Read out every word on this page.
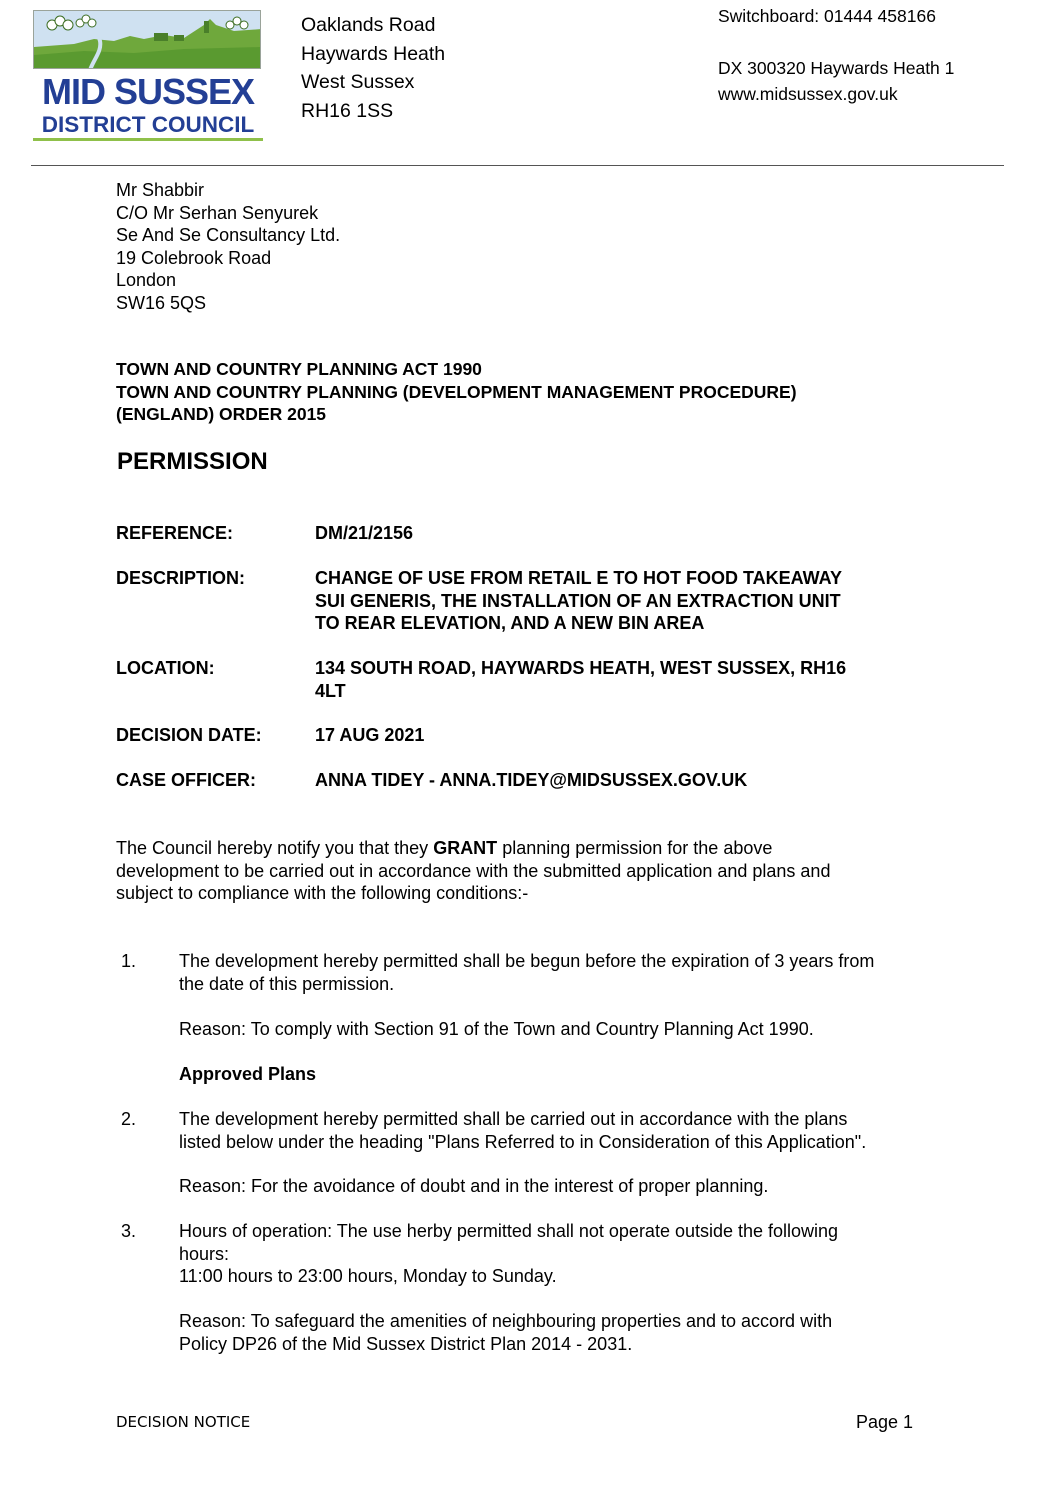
MID SUSSEX
DISTRICT COUNCIL

Oaklands Road

Haywards Heath

West Sussex

RH16 1SS

Switchboard: 01444 458166

DX 300320 Haywards Heath 1

www.midsussex.gov.uk

Mr Shabbir
C/O Mr Serhan Senyurek
Se And Se Consultancy Ltd.
19 Colebrook Road
London
SW16 5QS
TOWN AND COUNTRY PLANNING ACT 1990
TOWN AND COUNTRY PLANNING (DEVELOPMENT MANAGEMENT PROCEDURE)
(ENGLAND) ORDER 2015
PERMISSION
REFERENCE:	DM/21/2156
DESCRIPTION:	CHANGE OF USE FROM RETAIL E TO HOT FOOD TAKEAWAY
SUI GENERIS, THE INSTALLATION OF AN EXTRACTION UNIT
TO REAR ELEVATION, AND A NEW BIN AREA
LOCATION:	134 SOUTH ROAD, HAYWARDS HEATH, WEST SUSSEX, RH16
4LT
DECISION DATE:	17 AUG 2021
CASE OFFICER:	ANNA TIDEY - ANNA.TIDEY@MIDSUSSEX.GOV.UK
The Council hereby notify you that they GRANT planning permission for the above
development to be carried out in accordance with the submitted application and plans and
subject to compliance with the following conditions:-
1. The development hereby permitted shall be begun before the expiration of 3 years from
the date of this permission.
Reason: To comply with Section 91 of the Town and Country Planning Act 1990.
Approved Plans
2. The development hereby permitted shall be carried out in accordance with the plans
listed below under the heading "Plans Referred to in Consideration of this Application".
Reason: For the avoidance of doubt and in the interest of proper planning.
3. Hours of operation: The use herby permitted shall not operate outside the following
hours:
11:00 hours to 23:00 hours, Monday to Sunday.
Reason: To safeguard the amenities of neighbouring properties and to accord with
Policy DP26 of the Mid Sussex District Plan 2014 - 2031.
DECISION NOTICE	Page 1
